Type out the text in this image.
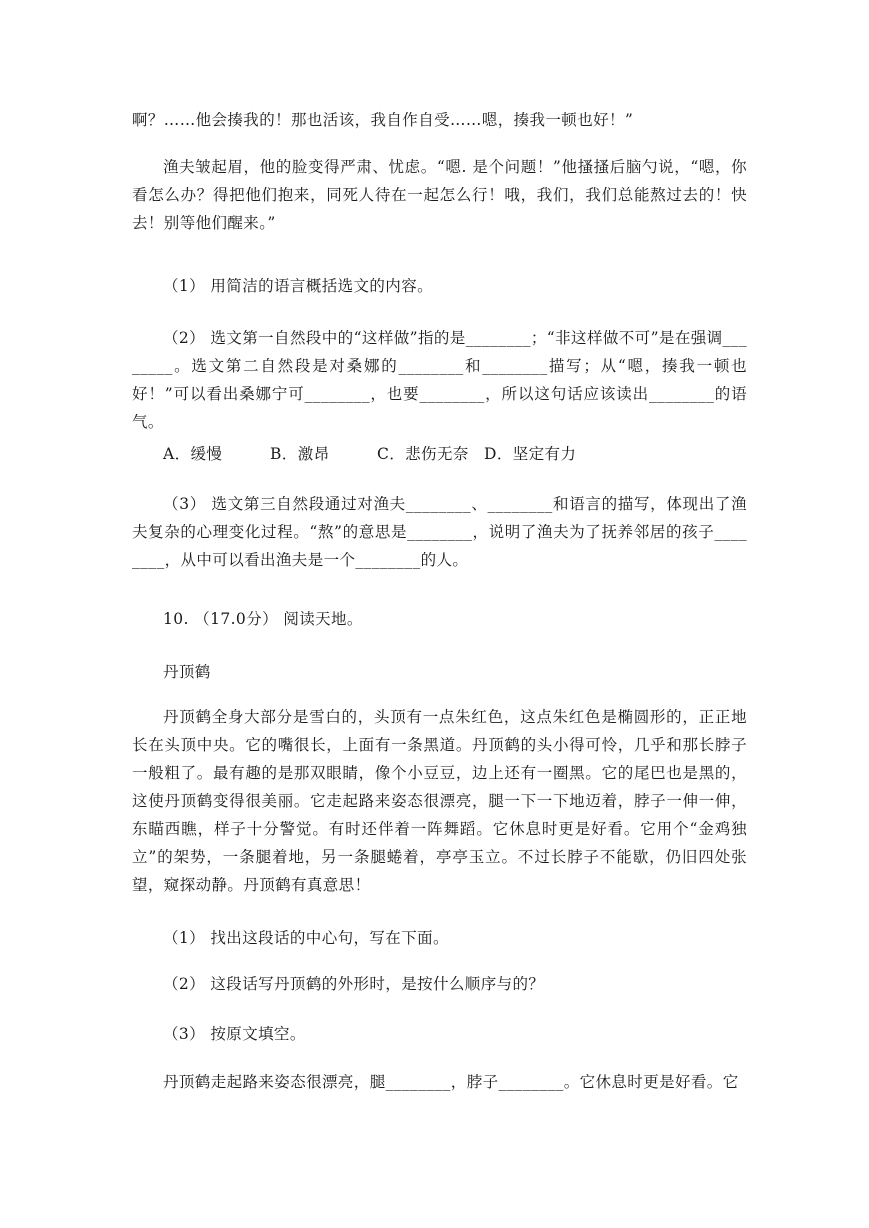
啊？……他会揍我的！那也活该，我自作自受……嗯，揍我一顿也好！”

渔夫皱起眉，他的脸变得严肃、忧虑。“嗯. 是个问题！”他搔搔后脑勺说，“嗯，你看怎么办？得把他们抱来，同死人待在一起怎么行！哦，我们，我们总能熬过去的！快去！别等他们醒来。”

（1） 用简洁的语言概括选文的内容。

（2） 选文第一自然段中的“这样做”指的是________；“非这样做不可”是在强调________。选文第二自然段是对桑娜的________和________描写；从“嗯，揍我一顿也好！”可以看出桑娜宁可________，也要________，所以这句话应该读出________的语气。

A．缓慢	B．激昂	C．悲伤无奈 D．坚定有力

（3） 选文第三自然段通过对渔夫________、________和语言的描写，体现出了渔夫复杂的心理变化过程。“熬”的意思是________，说明了渔夫为了抚养邻居的孩子________，从中可以看出渔夫是一个________的人。

10. （17.0分） 阅读天地。

丹顶鹤

丹顶鹤全身大部分是雪白的，头顶有一点朱红色，这点朱红色是椭圆形的，正正地长在头顶中央。它的嘴很长，上面有一条黑道。丹顶鹤的头小得可怜，几乎和那长脖子一般粗了。最有趣的是那双眼睛，像个小豆豆，边上还有一圈黑。它的尾巴也是黑的，这使丹顶鹤变得很美丽。它走起路来姿态很漂亮，腿一下一下地迈着，脖子一伸一伸，东瞄西瞧，样子十分警觉。有时还伴着一阵舞蹈。它休息时更是好看。它用个“金鸡独立”的架势，一条腿着地，另一条腿蜷着，亭亭玉立。不过长脖子不能歇，仍旧四处张望，窥探动静。丹顶鹤有真意思！

（1） 找出这段话的中心句，写在下面。

（2） 这段话写丹顶鹤的外形时，是按什么顺序与的？

（3） 按原文填空。

丹顶鹤走起路来姿态很漂亮，腿________，脖子________。它休息时更是好看。它
